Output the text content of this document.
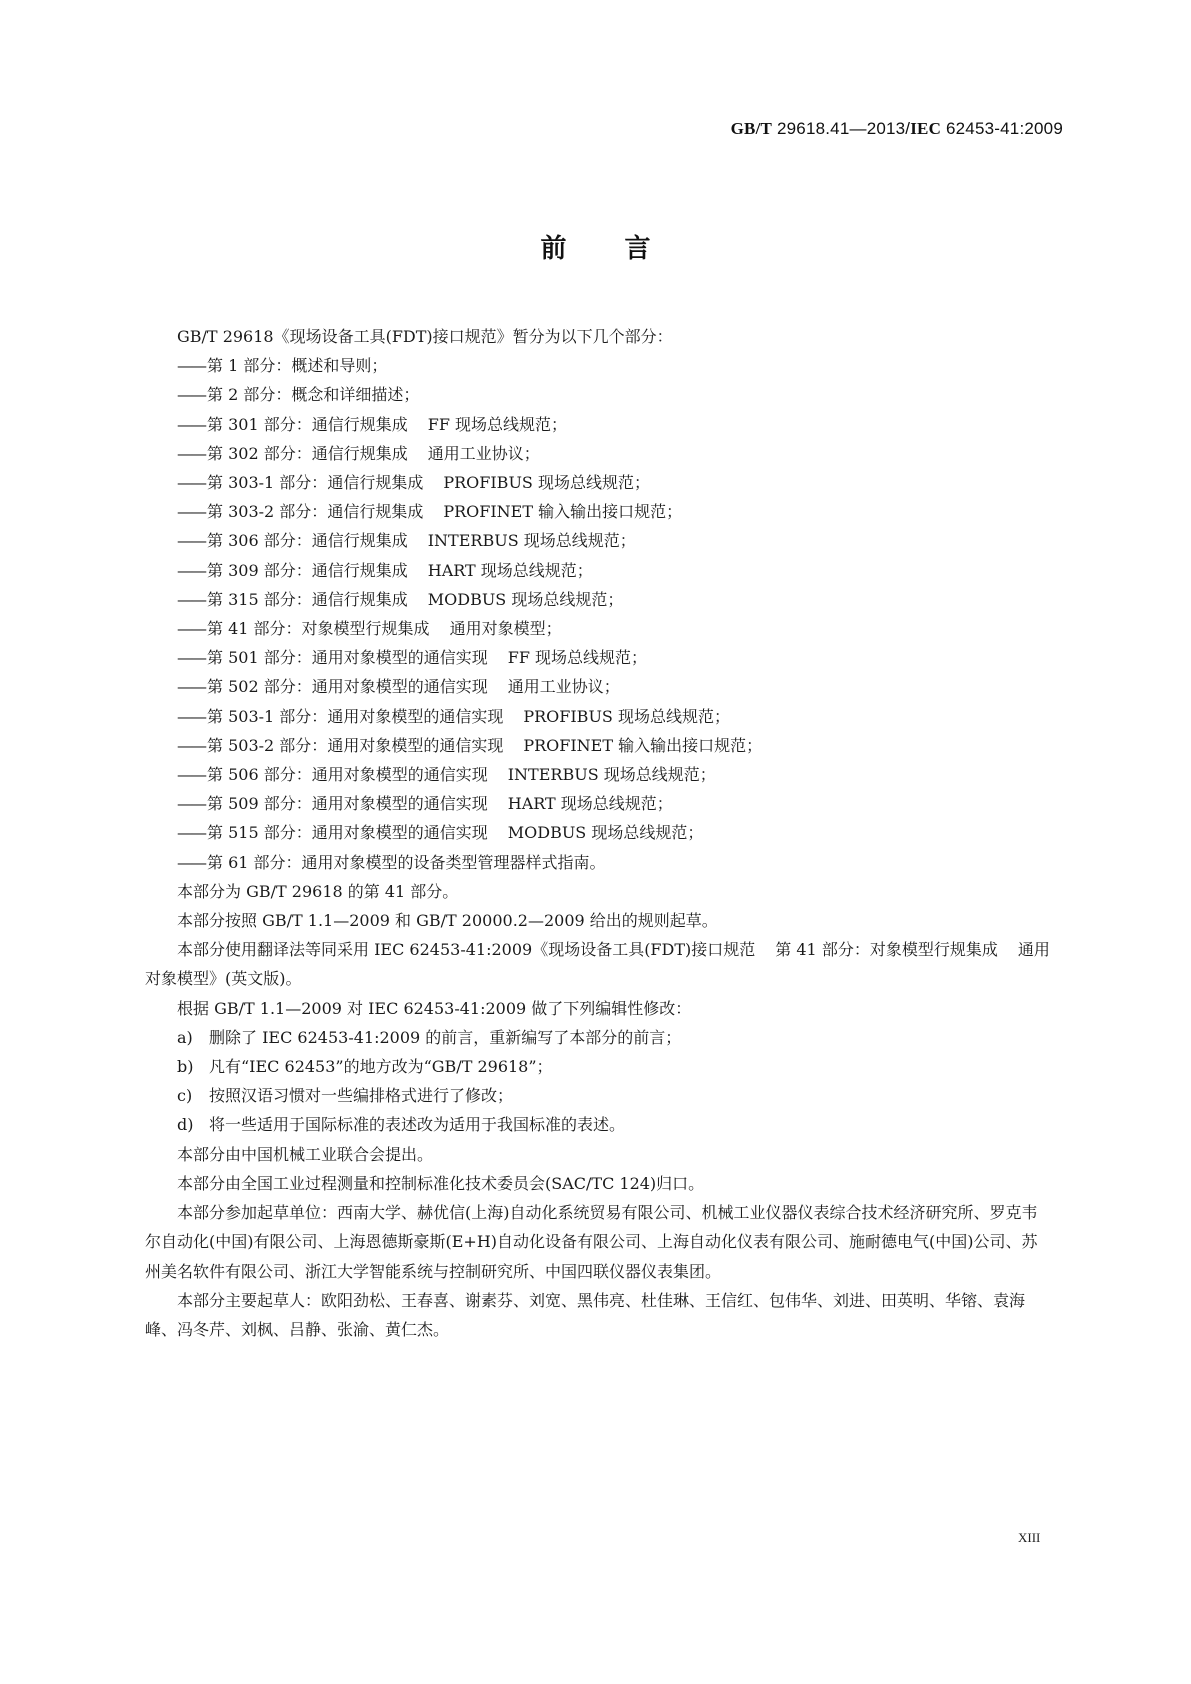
GB/T 29618.41—2013/IEC 62453-41:2009
前言

GB/T 29618《现场设备工具(FDT)接口规范》暂分为以下几个部分：

—— 第 1 部分：概述和导则；

—— 第 2 部分：概念和详细描述；

—— 第 301 部分：通信行规集成 FF 现场总线规范；

—— 第 302 部分：通信行规集成 通用工业协议；

—— 第 303-1 部分：通信行规集成 PROFIBUS 现场总线规范；

—— 第 303-2 部分：通信行规集成 PROFINET 输入输出接口规范；

—— 第 306 部分：通信行规集成 INTERBUS 现场总线规范；

—— 第 309 部分：通信行规集成 HART 现场总线规范；

—— 第 315 部分：通信行规集成 MODBUS 现场总线规范；

—— 第 41 部分：对象模型行规集成 通用对象模型；

—— 第 501 部分：通用对象模型的通信实现 FF 现场总线规范；

—— 第 502 部分：通用对象模型的通信实现 通用工业协议；

—— 第 503-1 部分：通用对象模型的通信实现 PROFIBUS 现场总线规范；

—— 第 503-2 部分：通用对象模型的通信实现 PROFINET 输入输出接口规范；

—— 第 506 部分：通用对象模型的通信实现 INTERBUS 现场总线规范；

—— 第 509 部分：通用对象模型的通信实现 HART 现场总线规范；

—— 第 515 部分：通用对象模型的通信实现 MODBUS 现场总线规范；

—— 第 61 部分：通用对象模型的设备类型管理器样式指南。

本部分为 GB/T 29618 的第 41 部分。

本部分按照 GB/T 1.1—2009 和 GB/T 20000.2—2009 给出的规则起草。

本部分使用翻译法等同采用 IEC 62453-41:2009《现场设备工具(FDT)接口规范 第 41 部分：对象模型行规集成 通用对象模型》(英文版)。

根据 GB/T 1.1—2009 对 IEC 62453-41:2009 做了下列编辑性修改：

a) 删除了 IEC 62453-41:2009 的前言，重新编写了本部分的前言；

b) 凡有“IEC 62453”的地方改为“GB/T 29618”；

c) 按照汉语习惯对一些编排格式进行了修改；

d) 将一些适用于国际标准的表述改为适用于我国标准的表述。

本部分由中国机械工业联合会提出。

本部分由全国工业过程测量和控制标准化技术委员会(SAC/TC 124)归口。

本部分参加起草单位：西南大学、赫优信(上海)自动化系统贸易有限公司、机械工业仪器仪表综合技术经济研究所、罗克韦尔自动化(中国)有限公司、上海恩德斯豪斯(E+H)自动化设备有限公司、上海自动化仪表有限公司、施耐德电气(中国)公司、苏州美名软件有限公司、浙江大学智能系统与控制研究所、中国四联仪器仪表集团。

本部分主要起草人：欧阳劲松、王春喜、谢素芬、刘宽、黑伟亮、杜佳琳、王信红、包伟华、刘进、田英明、华镕、袁海峰、冯冬芹、刘枫、吕静、张渝、黄仁杰。

XIII
